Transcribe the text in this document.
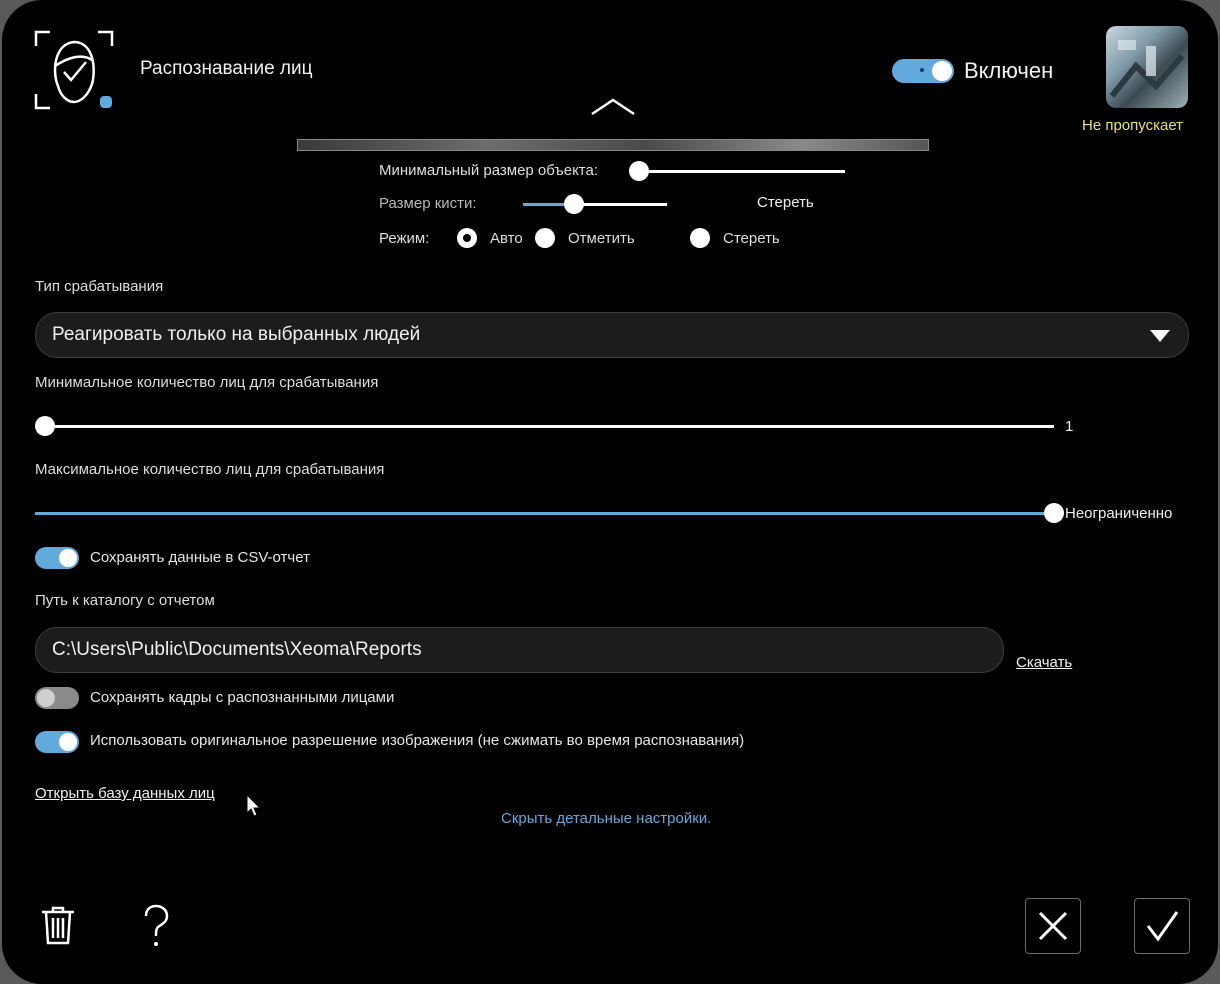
Распознавание лиц	Включен
Не пропускает
Минимальный размер объекта:
Размер кисти:	Стереть
Режим:	Авто	Отметить	Стереть
Тип срабатывания
Реагировать только на выбранных людей
Минимальное количество лиц для срабатывания
1
Максимальное количество лиц для срабатывания
Неограниченно
Сохранять данные в CSV-отчет
Путь к каталогу с отчетом
C:\Users\Public\Documents\Xeoma\Reports
Скачать
Сохранять кадры с распознанными лицами
Использовать оригинальное разрешение изображения (не сжимать во время распознавания)
Открыть базу данных лиц
Скрыть детальные настройки.
